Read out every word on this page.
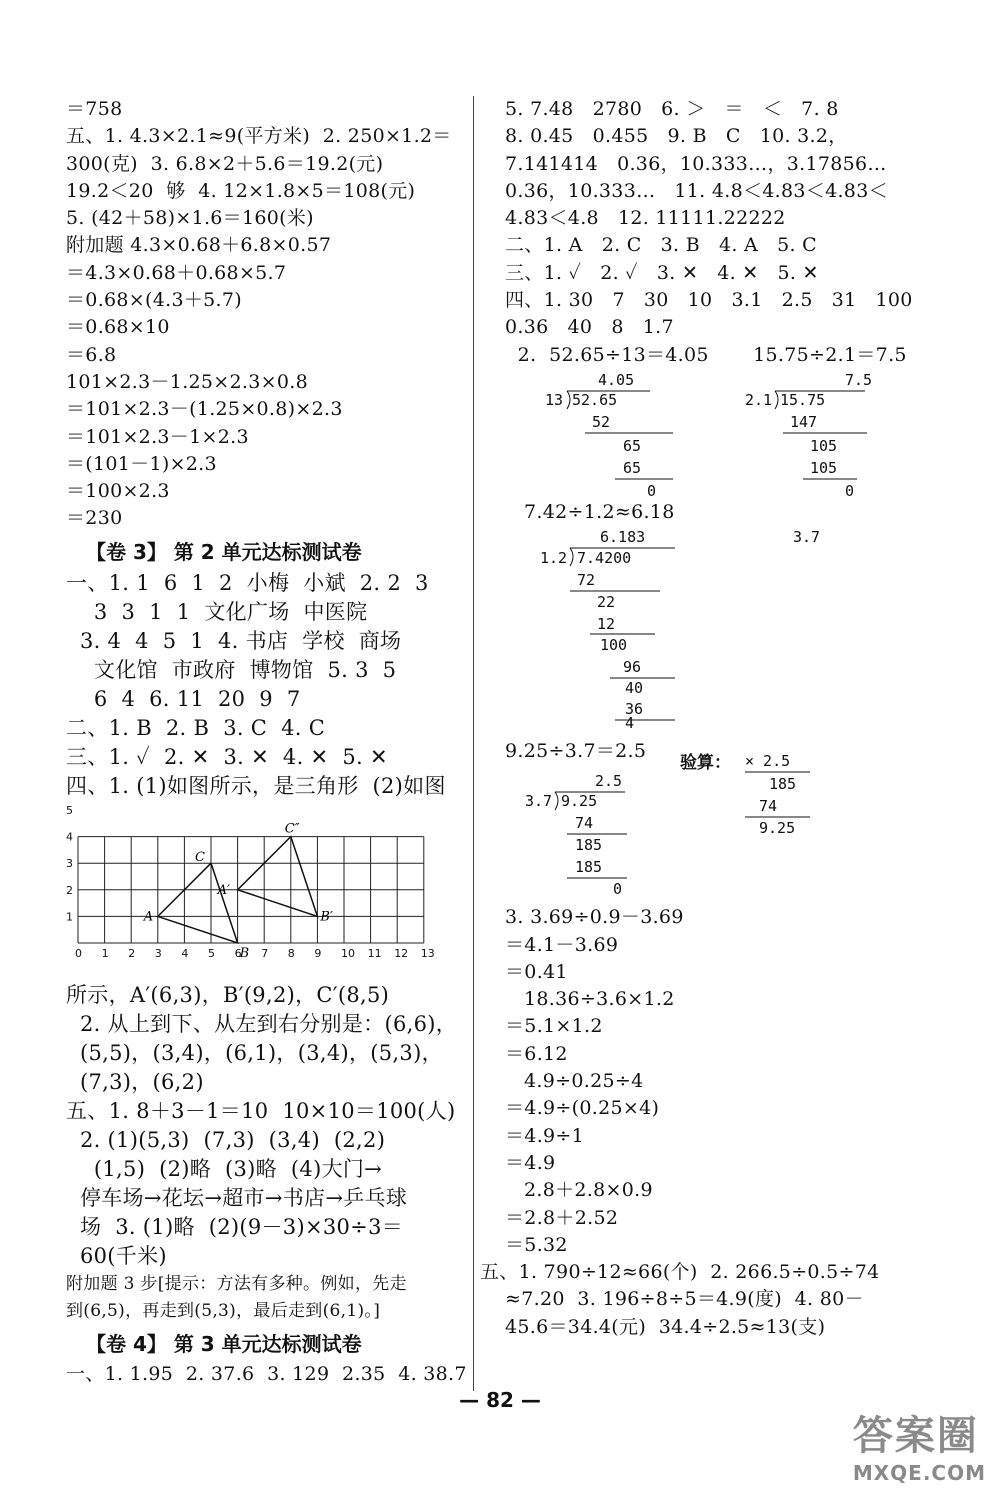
＝758
五、1. 4.3×2.1≈9(平方米)  2. 250×1.2＝
300(克)  3. 6.8×2＋5.6＝19.2(元)
19.2＜20  够  4. 12×1.8×5＝108(元)
5. (42＋58)×1.6＝160(米)
附加题 4.3×0.68＋6.8×0.57
＝4.3×0.68＋0.68×5.7
＝0.68×(4.3＋5.7)
＝0.68×10
＝6.8
101×2.3－1.25×2.3×0.8
＝101×2.3－(1.25×0.8)×2.3
＝101×2.3－1×2.3
＝(101－1)×2.3
＝100×2.3
＝230
【卷 3】 第 2 单元达标测试卷
一、1. 1  6  1  2  小梅  小斌  2. 2  3
3  3  1  1  文化广场  中医院
3. 4  4  5  1  4. 书店  学校  商场
文化馆  市政府  博物馆  5. 3  5
6  4  6. 11  20  9  7
二、1. B  2. B  3. C  4. C
三、1. ✓  2. ✕  3. ✕  4. ✕  5. ✕
四、1. (1)如图所示，是三角形  (2)如图
0 1 2 3 4 5 6 7 8 9 10 11 12 13
1
2
3
4
5
A
B
C
A′
B′
C″
所示，A′(6,3)，B′(9,2)，C′(8,5)
2. 从上到下、从左到右分别是：(6,6)，
(5,5)，(3,4)，(6,1)，(3,4)，(5,3)，
(7,3)，(6,2)
五、1. 8＋3－1＝10  10×10＝100(人)
2. (1)(5,3)  (7,3)  (3,4)  (2,2)
(1,5)  (2)略  (3)略  (4)大门→
停车场→花坛→超市→书店→乒乓球
场  3. (1)略  (2)(9－3)×30÷3＝
60(千米)
附加题 3 步[提示：方法有多种。例如，先走
到(6,5)，再走到(5,3)，最后走到(6,1)。]
【卷 4】 第 3 单元达标测试卷
一、1. 1.95  2. 37.6  3. 129  2.35  4. 38.7
5. 7.48   2780   6. ＞   ＝   ＜   7. 8
8. 0.45   0.455   9. B   C   10. 3.2，
7.141414   0.36，10.333…，3.17856…
0.36，10.333…   11. 4.8＜4.83＜4.83＜
4.83＜4.8   12. 11111.22222
二、1. A   2. C   3. B   4. A   5. C
三、1. ✓   2. ✓   3. ✕   4. ✕   5. ✕
四、1. 30   7   30   10   3.1   2.5   31   100
0.36   40   8   1.7
2.  52.65÷13＝4.05       15.75÷2.1＝7.5
4.05
13 52.65
52
65
65
0
7.5
2.1 15.75
147
105
105
0
7.42÷1.2≈6.18
6.183
1.2 7.4200
72
22
12
100
96
40
36
3.7
4
9.25÷3.7＝2.5
2.5
3.7 9.25
74
185
185
0
验算： × 2.5
185
74
9.25
3. 3.69÷0.9－3.69
＝4.1－3.69
＝0.41
18.36÷3.6×1.2
＝5.1×1.2
＝6.12
4.9÷0.25÷4
＝4.9÷(0.25×4)
＝4.9÷1
＝4.9
2.8＋2.8×0.9
＝2.8＋2.52
＝5.32
五、1. 790÷12≈66(个)  2. 266.5÷0.5÷74
≈7.20  3. 196÷8÷5＝4.9(度)  4. 80－
45.6＝34.4(元)  34.4÷2.5≈13(支)
— 82 —
答案圈
MXQE.COM
